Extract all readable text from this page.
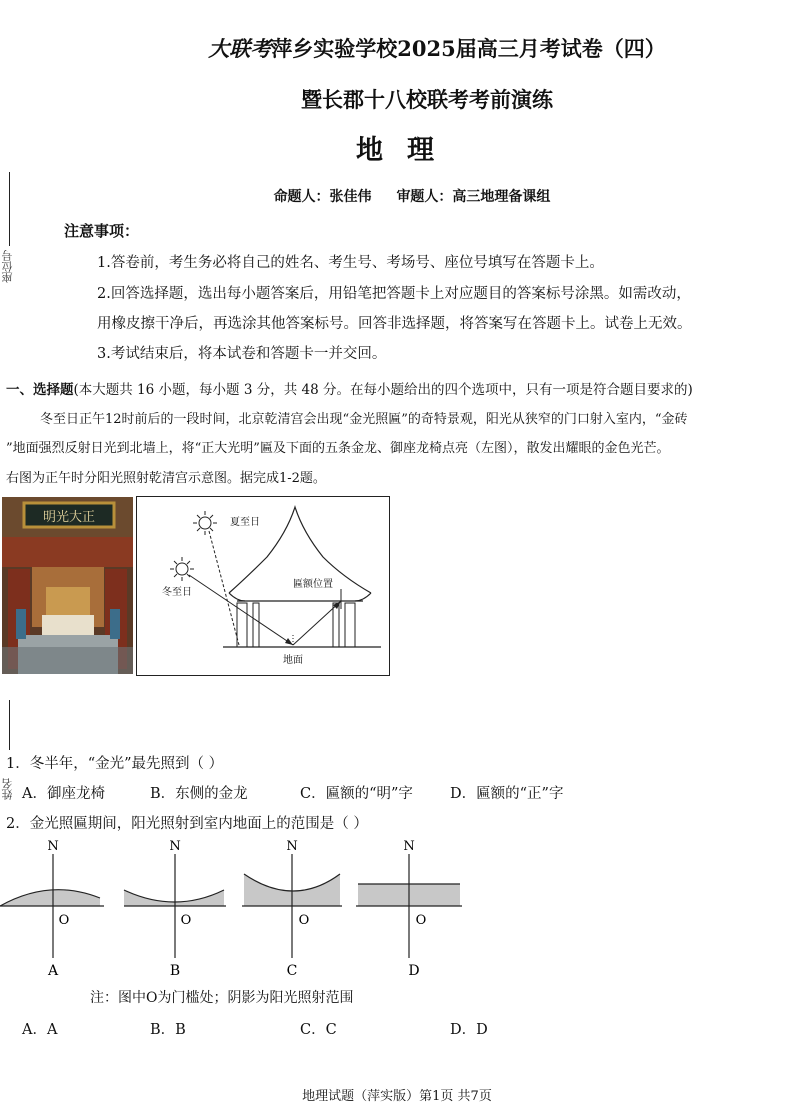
大联考萍乡实验学校2025届高三月考试卷（四）
暨长郡十八校联考考前演练
地理
命题人：张佳伟 审题人：高三地理备课组
座位号
姓名
注意事项：
1.答卷前，考生务必将自己的姓名、考生号、考场号、座位号填写在答题卡上。
2.回答选择题，选出每小题答案后，用铅笔把答题卡上对应题目的答案标号涂黑。如需改动，
用橡皮擦干净后，再选涂其他答案标号。回答非选择题，将答案写在答题卡上。试卷上无效。
3.考试结束后，将本试卷和答题卡一并交回。
一、选择题(本大题共 16 小题，每小题 3 分，共 48 分。在每小题给出的四个选项中，只有一项是符合题目要求的)
冬至日正午12时前后的一段时间，北京乾清宫会出现“金光照匾”的奇特景观，阳光从狭窄的门口射入室内，“金砖
”地面强烈反射日光到北墙上，将“正大光明”匾及下面的五条金龙、御座龙椅点亮（左图），散发出耀眼的金色光芒。
右图为正午时分阳光照射乾清宫示意图。据完成1-2题。
明光大正
匾额位置
夏至日
冬至日
地面
1．冬半年，“金光”最先照到（ ）
A．御座龙椅	B．东侧的金龙	C．匾额的“明”字	D．匾额的“正”字
2．金光照匾期间，阳光照射到室内地面上的范围是（ ）
N
O
A
N
O
B
N
O
C
N
O
D
注：图中O为门槛处；阴影为阳光照射范围
A．A	B．B	C．C	D．D
地理试题（萍实版）第1页 共7页
